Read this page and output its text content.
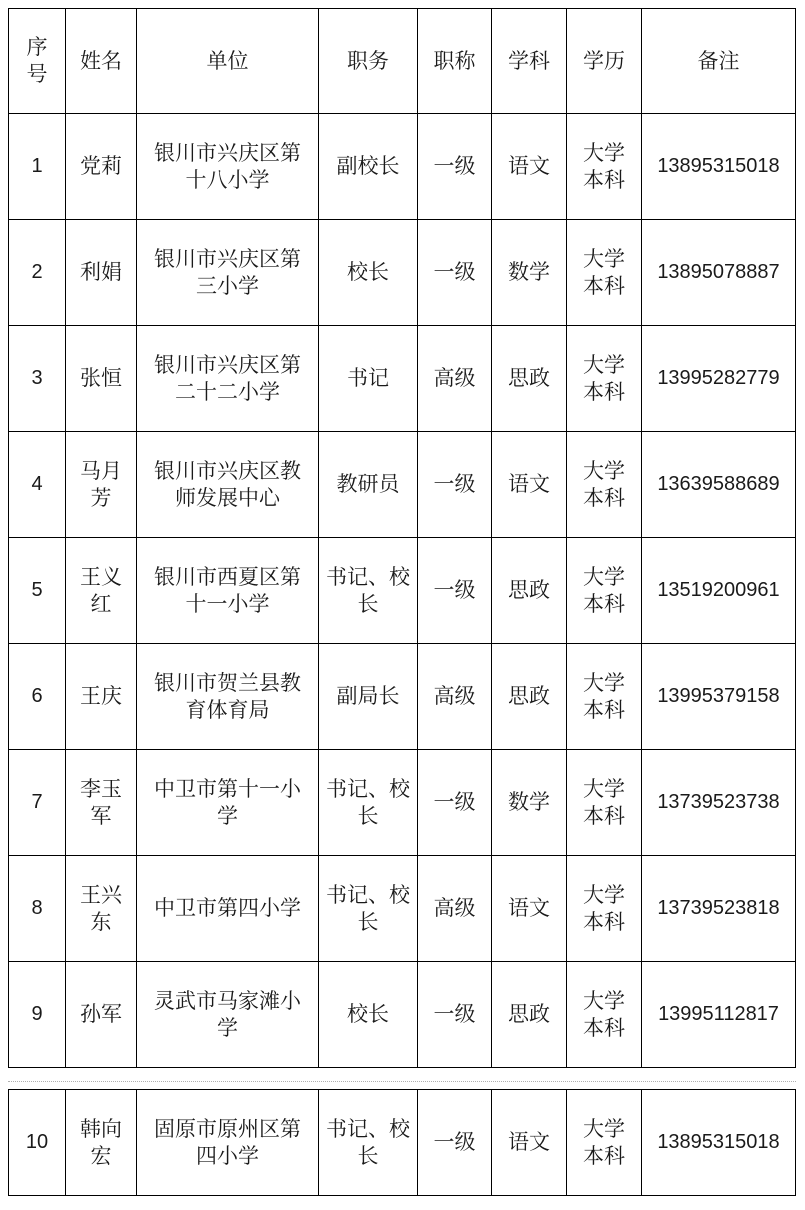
序号	姓名	单位	职务	职称	学科	学历	备注
1	党莉	银川市兴庆区第十八小学	副校长	一级	语文	大学本科	13895315018
2	利娟	银川市兴庆区第三小学	校长	一级	数学	大学本科	13895078887
3	张恒	银川市兴庆区第二十二小学	书记	高级	思政	大学本科	13995282779
4	马月芳	银川市兴庆区教师发展中心	教研员	一级	语文	大学本科	13639588689
5	王义红	银川市西夏区第十一小学	书记、校长	一级	思政	大学本科	13519200961
6	王庆	银川市贺兰县教育体育局	副局长	高级	思政	大学本科	13995379158
7	李玉军	中卫市第十一小学	书记、校长	一级	数学	大学本科	13739523738
8	王兴东	中卫市第四小学	书记、校长	高级	语文	大学本科	13739523818
9	孙军	灵武市马家滩小学	校长	一级	思政	大学本科	13995112817
10	韩向宏	固原市原州区第四小学	书记、校长	一级	语文	大学本科	13895315018
